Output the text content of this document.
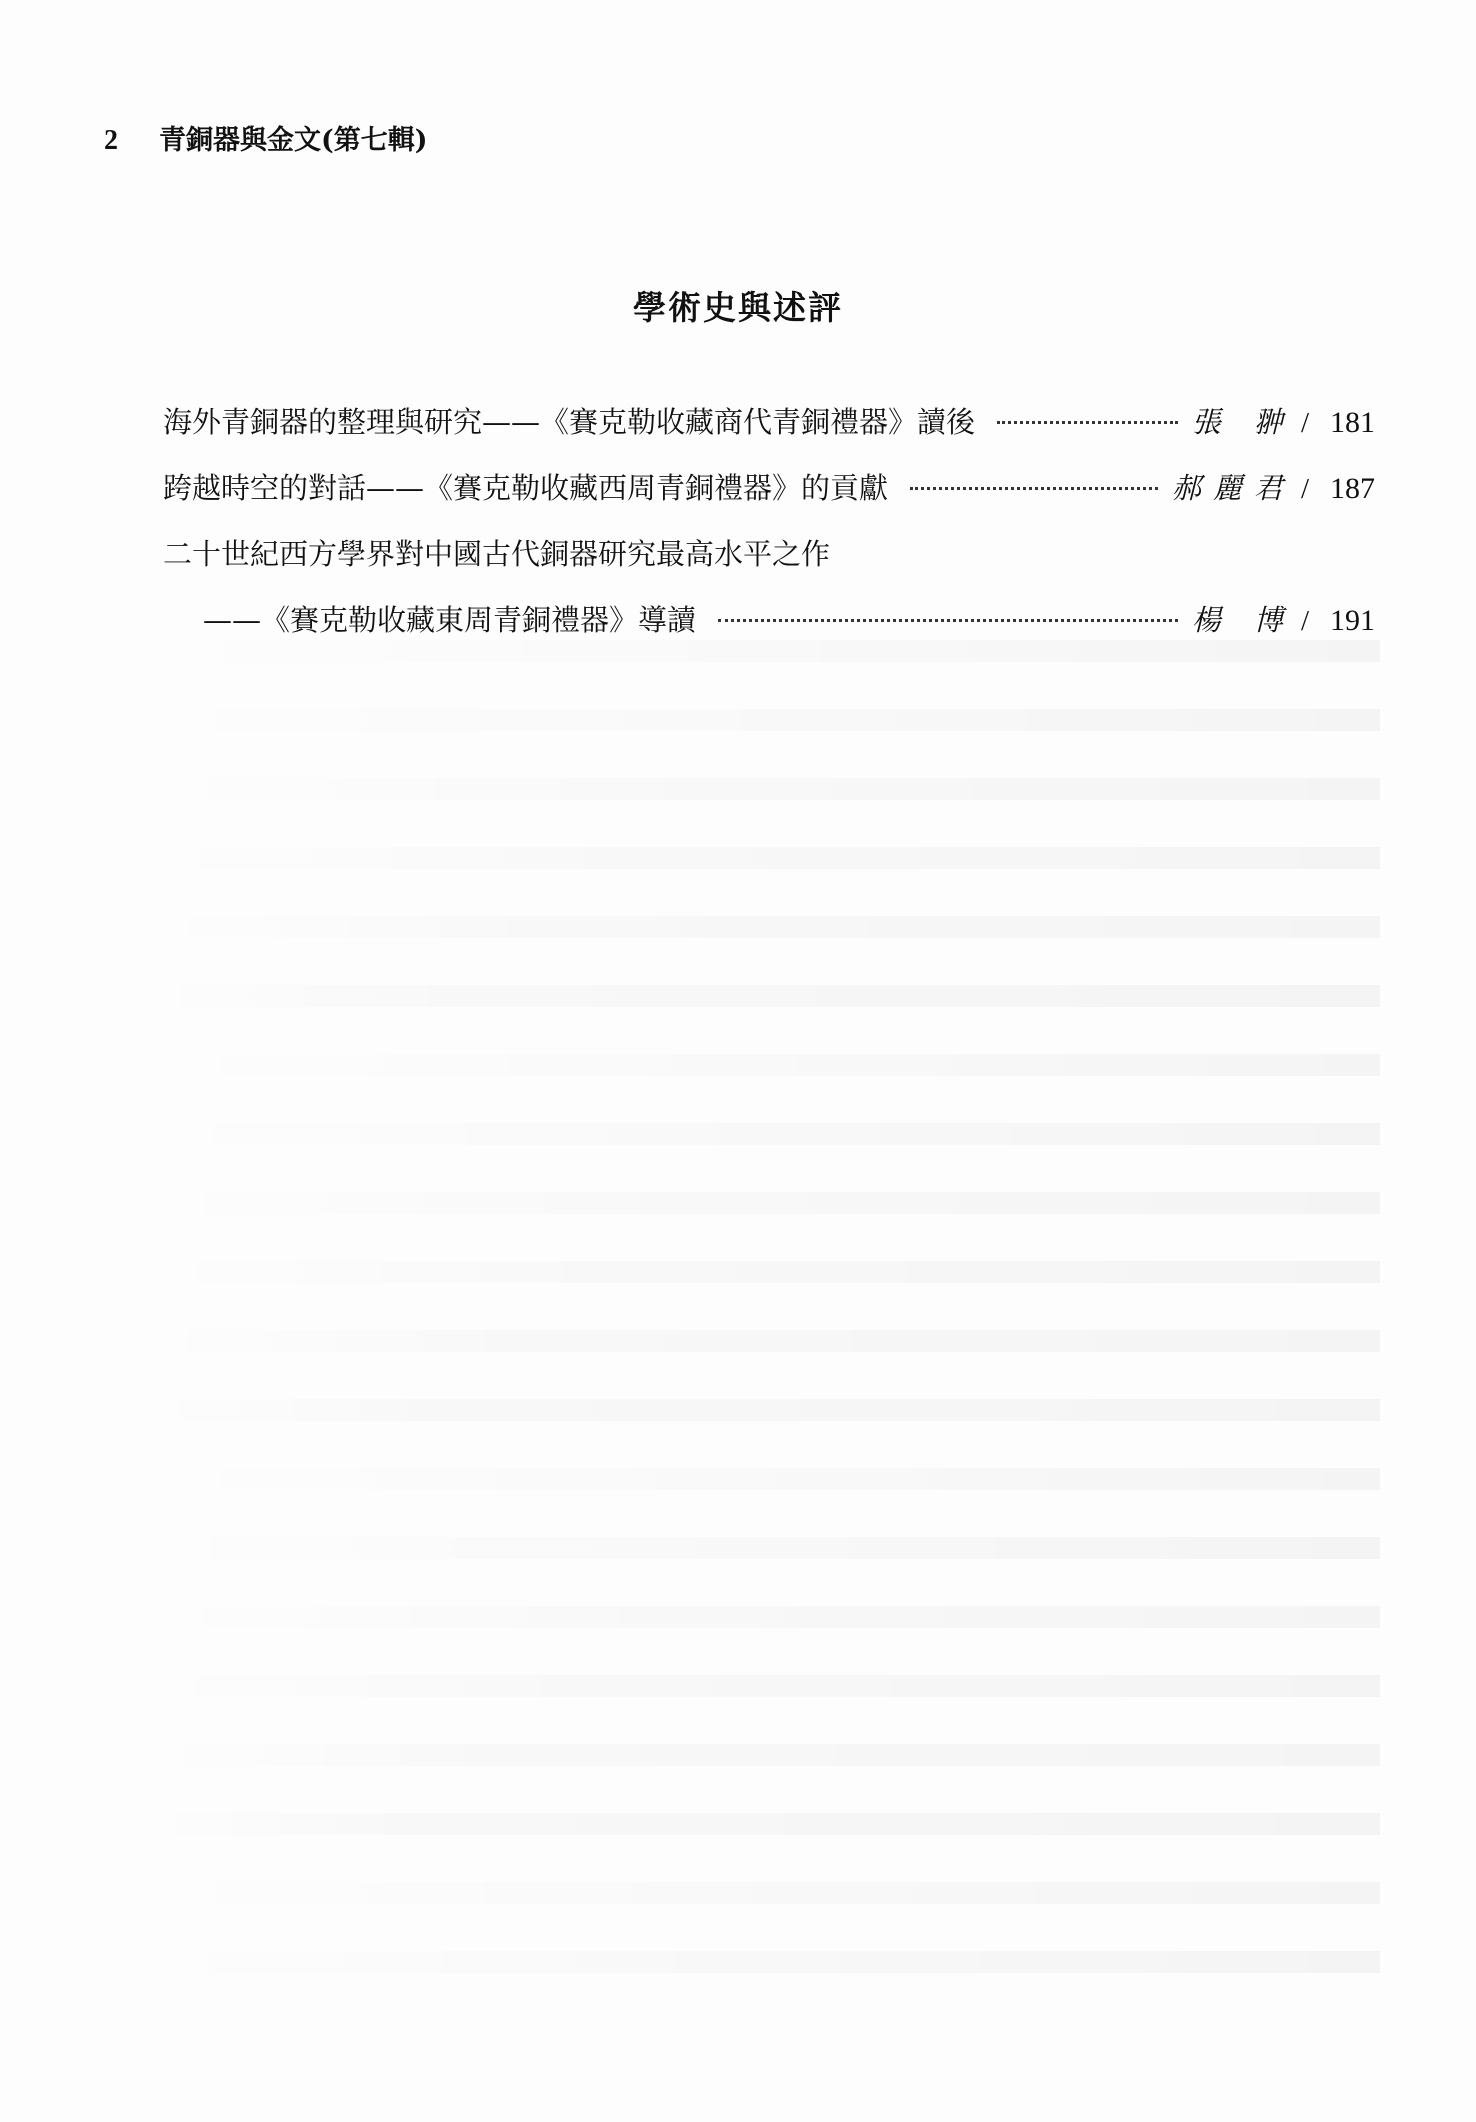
2	青銅器與金文(第七輯)
學術史與述評
海外青銅器的整理與研究——《賽克勒收藏商代青銅禮器》讀後	張 翀 / 181
跨越時空的對話——《賽克勒收藏西周青銅禮器》的貢獻	郝麗君 / 187
二十世紀西方學界對中國古代銅器研究最高水平之作
——《賽克勒收藏東周青銅禮器》導讀	楊 博 / 191
